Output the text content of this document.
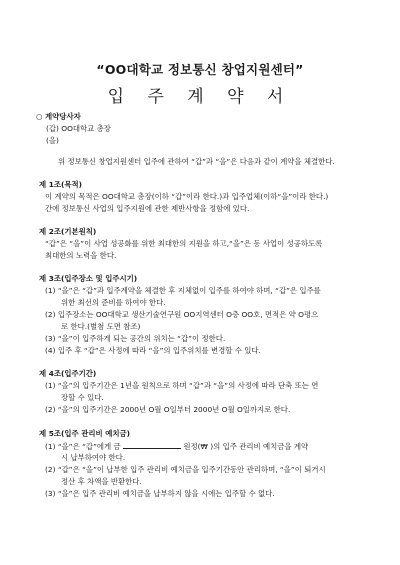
“OO대학교 정보통신 창업지원센터”
입 주 계 약 서
○ 계약당사자
(갑) OO대학교 총장
(을)
위 정보통신 창업지원센터 입주에 관하여 “갑”과 “을”은 다음과 같이 계약을 체결한다.
제 1조(목적)
이 계약의 목적은 OO대학교 총장(이하 “갑”이라 한다.)과 입주업체(이하“을”이라 한다.)
간에 정보통신 사업의 입주지원에 관한 제반사항을 정함에 있다.
제 2조(기본원칙)
“갑”은 “을”이 사업 성공화를 위한 최대한의 지원을 하고,“을”은 동 사업이 성공하도록
최대한의 노력을 한다.
제 3조(입주장소 및 입주시기)
(1) “을”은 “갑”과 입주계약을 체결한 후 지체없이 입주를 하여야 하며, “갑”은 입주를
위한 최선의 준비를 하여야 한다.
(2) 입주장소는 OO대학교 생산기술연구원 OO지역센터 O층 OO호, 면적은 약 O평으
로 한다.(별첨 도면 참조)
(3) “을”이 입주하게 되는 공간의 위치는 “갑”이 정한다.
(4) 입주 후 “갑”은 사정에 따라 “을”의 입주위치를 변경할 수 있다.
제 4조(입주기간)
(1) “을”의 입주기간은 1년을 원칙으로 하며 “갑”과 “을”의 사정에 따라 단축 또는 연
장할 수 있다.
(2) “을”의 입주기간은 2000년 O월 O일부터 2000년 O월 O일까지로 한다.
제 5조(입주 관리비 예치금)
(1) “을”은 “갑”에게 금	원정(₩ )의 입주 관리비 예치금을 계약
시 납부하여야 한다.
(2) “갑”은 “을”이 납부한 입주 관리비 예치금을 입주기간동안 관리하며, “을”이 퇴거시
정산 후 차액을 반환한다.
(3) “을”은 입주 관리비 예치금을 납부하지 않을 시에는 입주할 수 없다.
